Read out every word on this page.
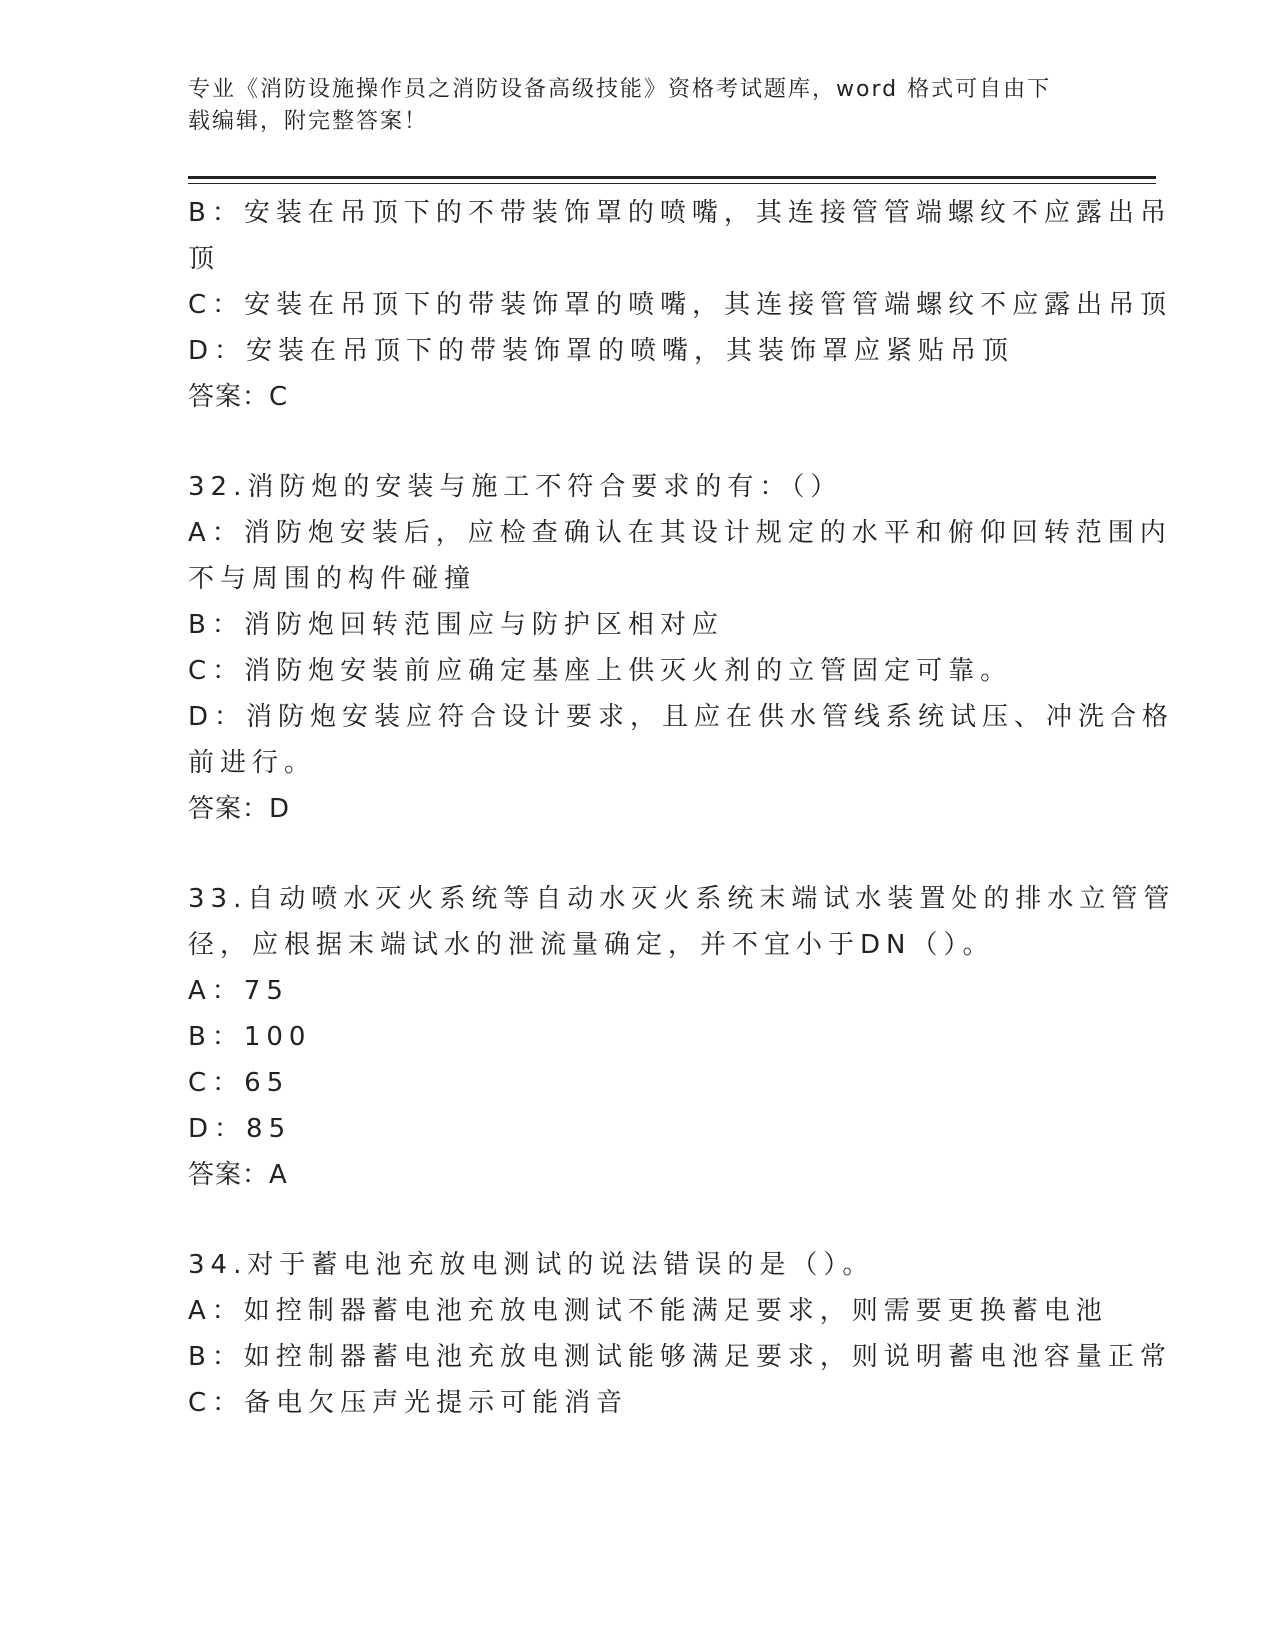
专业《消防设施操作员之消防设备高级技能》资格考试题库，word 格式可自由下
载编辑，附完整答案！
B：安装在吊顶下的不带装饰罩的喷嘴，其连接管管端螺纹不应露出吊
顶
C：安装在吊顶下的带装饰罩的喷嘴，其连接管管端螺纹不应露出吊顶
D：安装在吊顶下的带装饰罩的喷嘴，其装饰罩应紧贴吊顶
答案：C
32.消防炮的安装与施工不符合要求的有：（）
A：消防炮安装后，应检查确认在其设计规定的水平和俯仰回转范围内
不与周围的构件碰撞
B：消防炮回转范围应与防护区相对应
C：消防炮安装前应确定基座上供灭火剂的立管固定可靠。
D：消防炮安装应符合设计要求，且应在供水管线系统试压、冲洗合格
前进行。
答案：D
33.自动喷水灭火系统等自动水灭火系统末端试水装置处的排水立管管
径，应根据末端试水的泄流量确定，并不宜小于DN（）。
A：75
B：100
C：65
D：85
答案：A
34.对于蓄电池充放电测试的说法错误的是（）。
A：如控制器蓄电池充放电测试不能满足要求，则需要更换蓄电池
B：如控制器蓄电池充放电测试能够满足要求，则说明蓄电池容量正常
C：备电欠压声光提示可能消音
